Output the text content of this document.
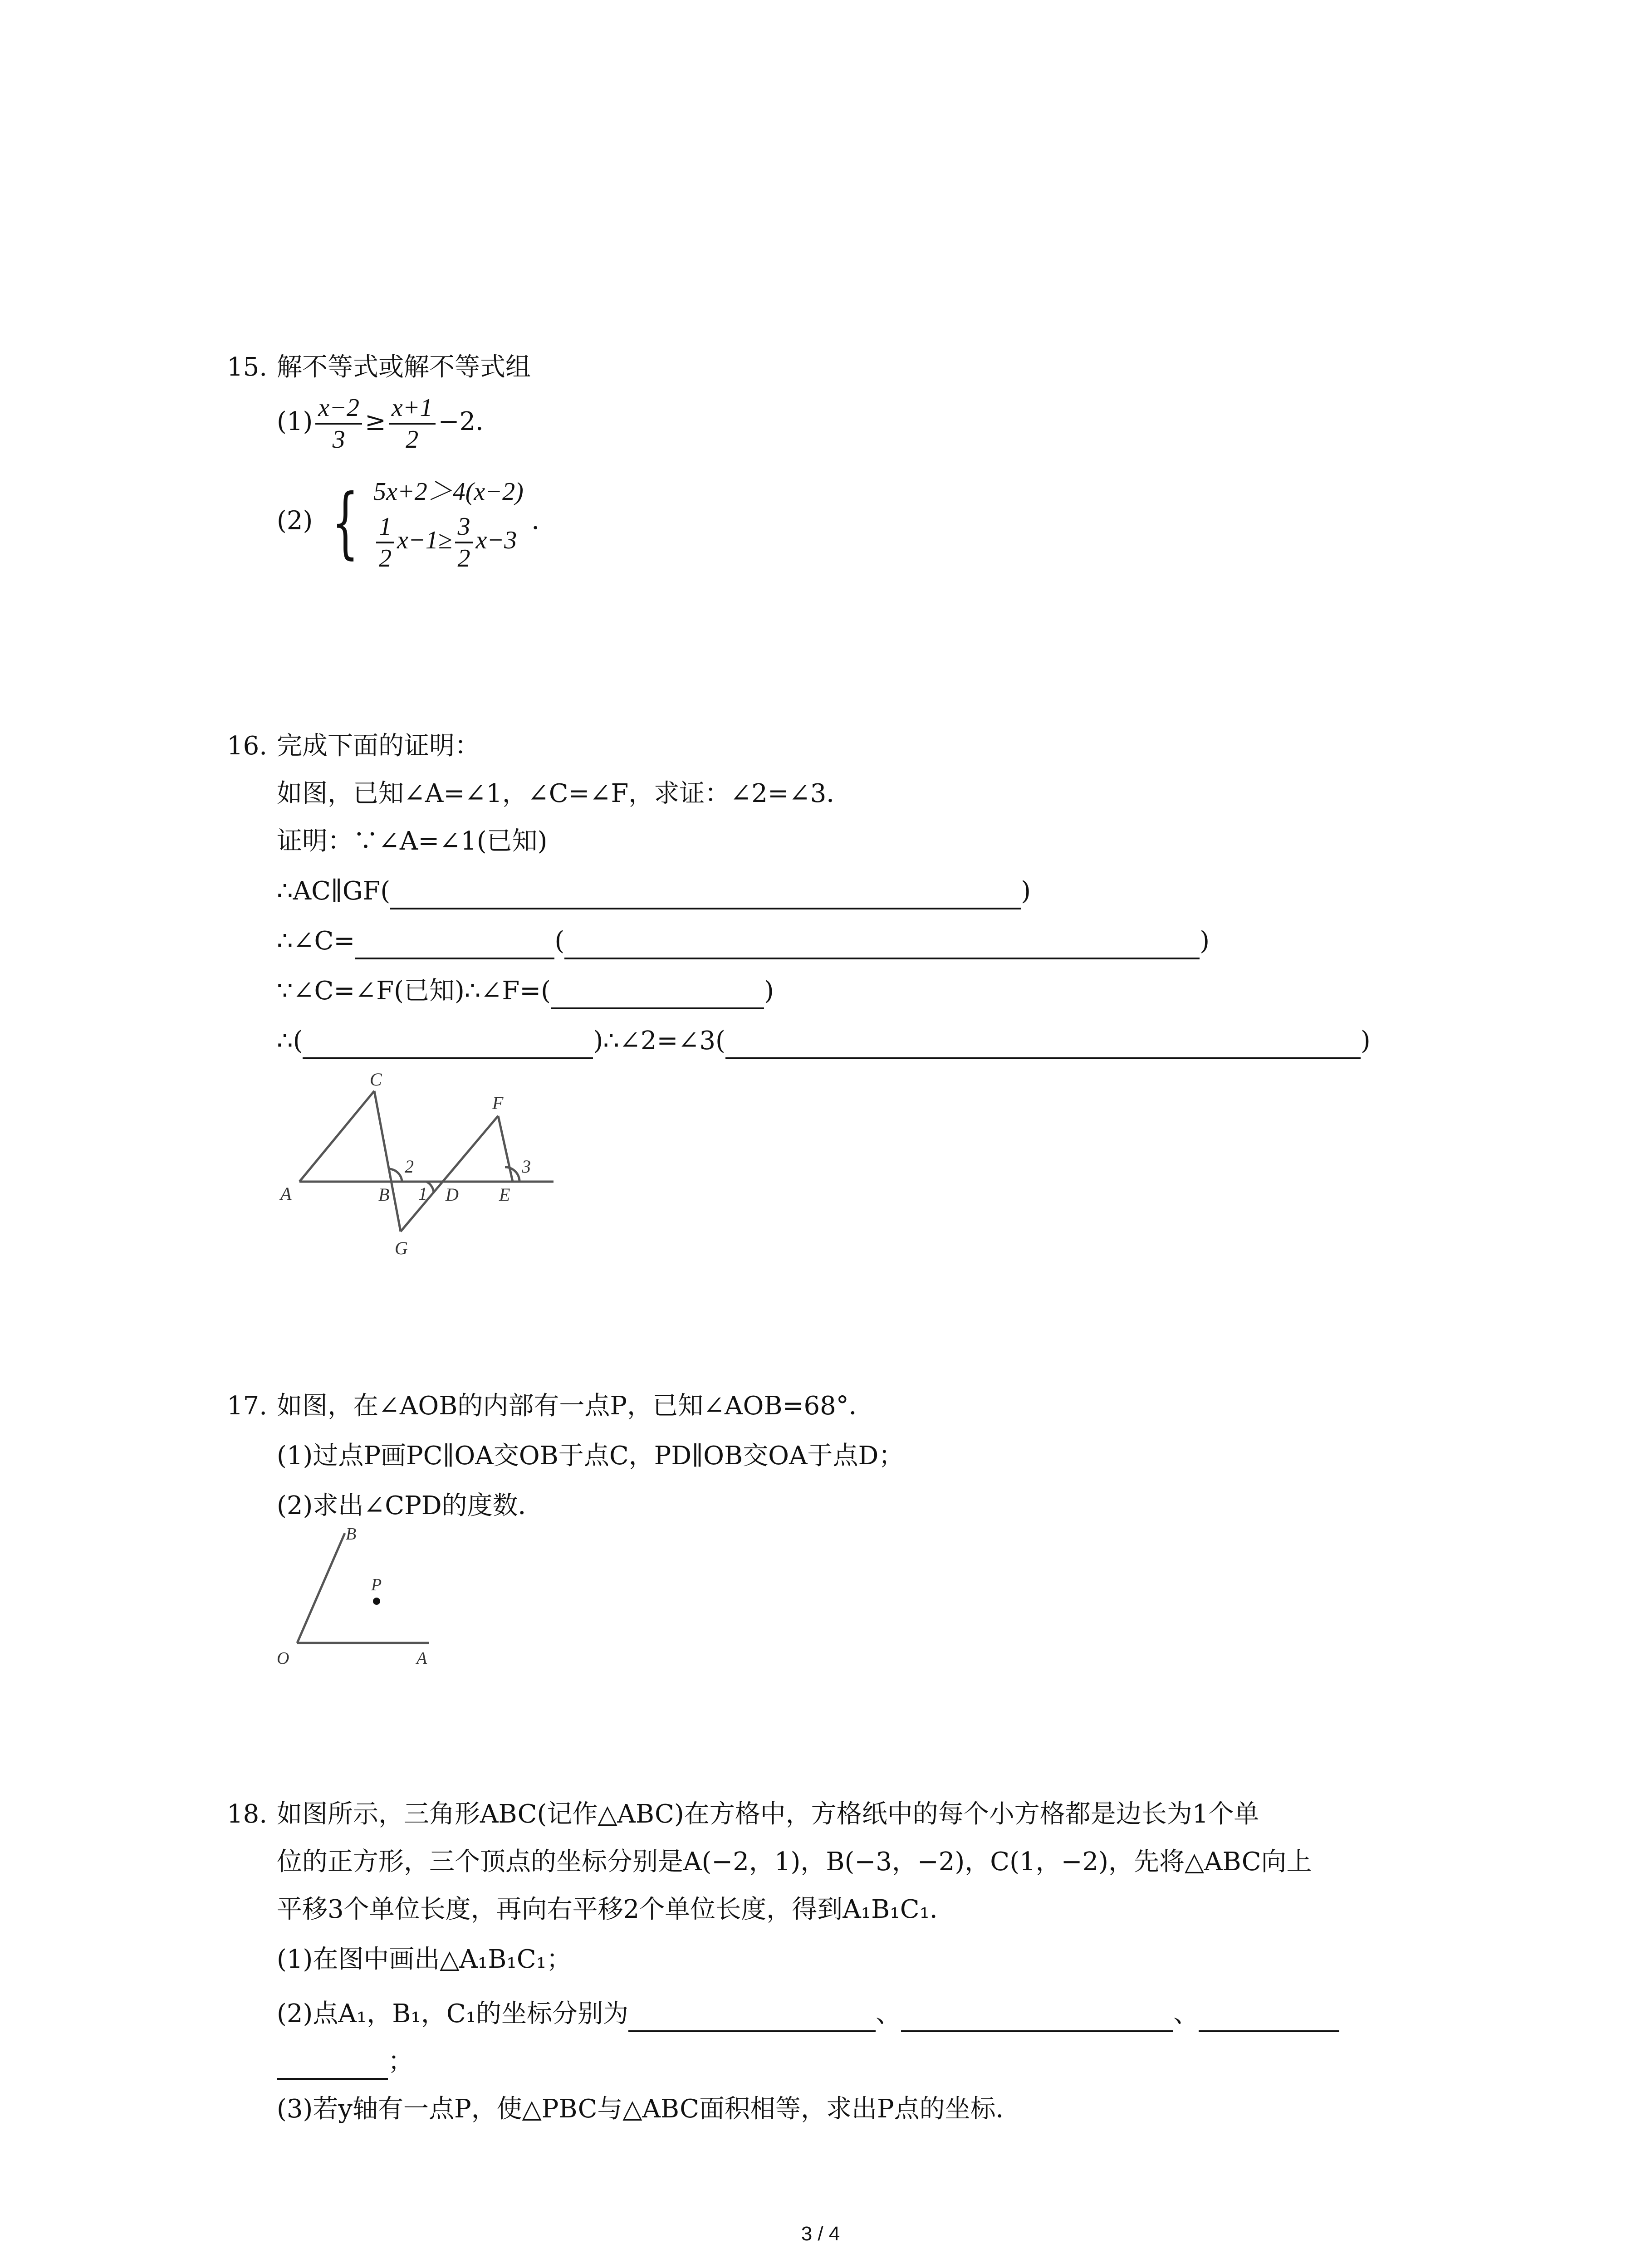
15. 解不等式或解不等式组
$(1) \frac{x-2}{3} \ge \frac{x+1}{2} -2$．
(2) { 5x+2＞4(x−2)
$\frac{1}{2} x-1\ge \frac{3}{2} x-3$
．
16. 完成下面的证明：
如图，已知∠A=∠1，∠C=∠F，求证：∠2=∠3．
证明：∵∠A=∠1(已知)
∴AC∥GF(	)
∴∠C=	(	)
∵∠C=∠F(已知)∴∠F=(	)
∴(	)∴∠2=∠3(	)
C
A	B	D E
F
G
1
2	3
17. 如图，在∠AOB的内部有一点P，已知∠AOB=68°．
(1)过点P画PC∥OA交OB于点C，PD∥OB交OA于点D；
(2)求出∠CPD的度数．
O	A
B
P
18. 如图所示，三角形ABC(记作△ABC)在方格中，方格纸中的每个小方格都是边长为1个单
位的正方形，三个顶点的坐标分别是A(−2，1)，B(−3，−2)，C(1，−2)，先将△ABC向上
平移3个单位长度，再向右平移2个单位长度，得到A₁B₁C₁．
(1)在图中画出△A₁B₁C₁；
(2)点A₁，B₁，C₁的坐标分别为	、	、
；
(3)若y轴有一点P，使△PBC与△ABC面积相等，求出P点的坐标．
3 / 4
